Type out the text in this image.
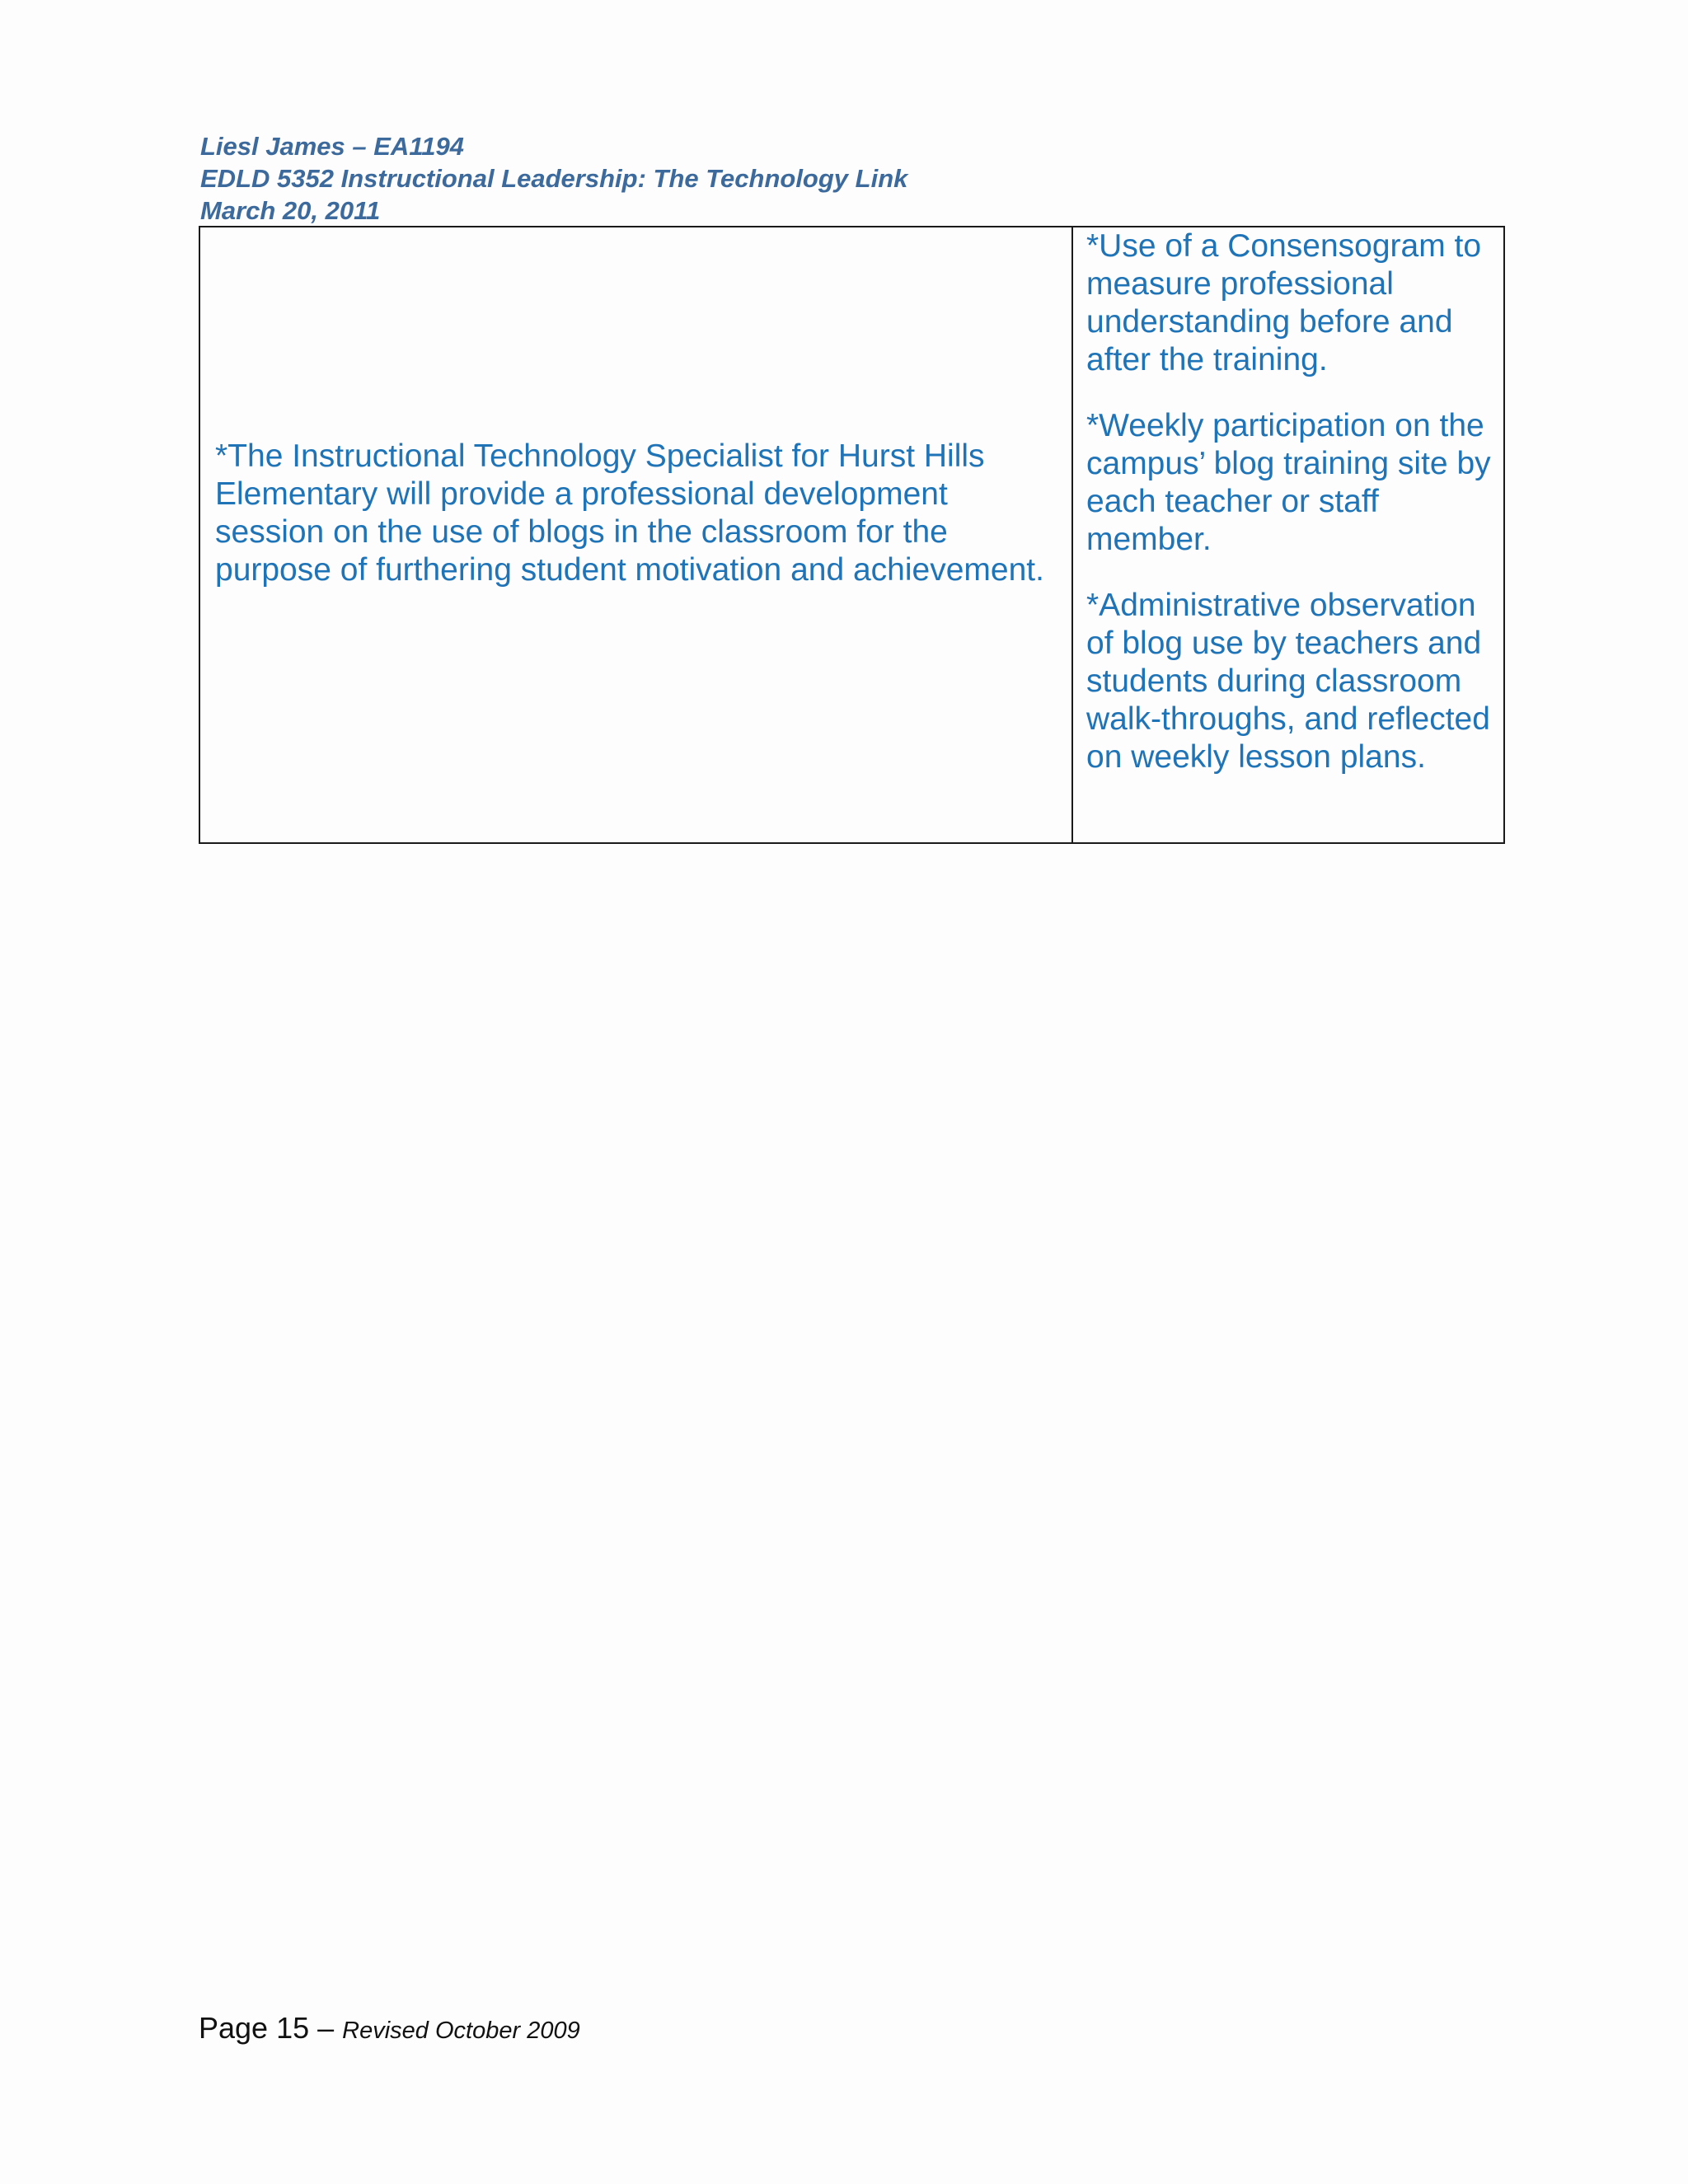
Liesl James – EA1194
EDLD 5352 Instructional Leadership: The Technology Link
March 20, 2011
*The Instructional Technology Specialist for Hurst Hills Elementary will provide a professional development session on the use of blogs in the classroom for the purpose of furthering student motivation and achievement.

*Use of a Consensogram to measure professional understanding before and after the training.

*Weekly participation on the campus’ blog training site by each teacher or staff member.

*Administrative observation of blog use by teachers and students during classroom walk-throughs, and reflected on weekly lesson plans.

Page 15 – Revised October 2009
